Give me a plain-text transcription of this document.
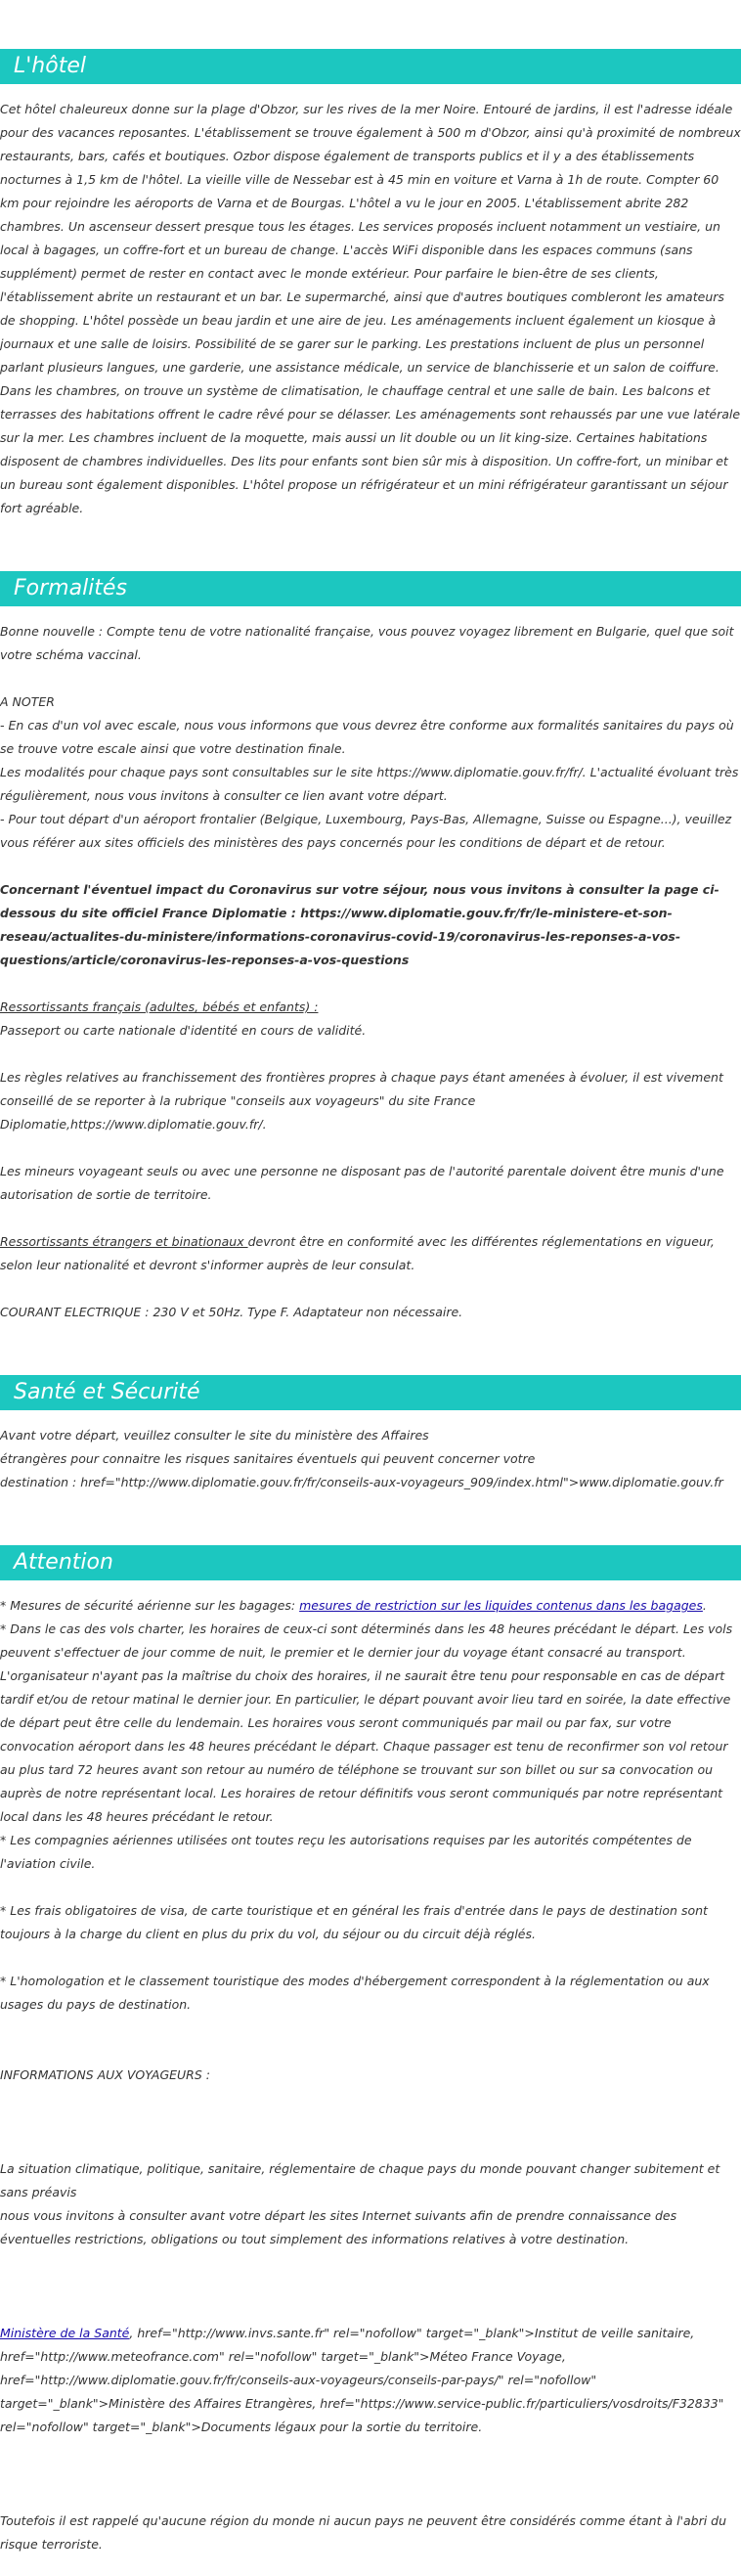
L'hôtel

Cet hôtel chaleureux donne sur la plage d'Obzor, sur les rives de la mer Noire. Entouré de jardins, il est l'adresse idéale pour des vacances reposantes. L'établissement se trouve également à 500 m d'Obzor, ainsi qu'à proximité de nombreux restaurants, bars, cafés et boutiques. Ozbor dispose également de transports publics et il y a des établissements nocturnes à 1,5 km de l'hôtel. La vieille ville de Nessebar est à 45 min en voiture et Varna à 1h de route. Compter 60 km pour rejoindre les aéroports de Varna et de Bourgas. L'hôtel a vu le jour en 2005. L'établissement abrite 282 chambres. Un ascenseur dessert presque tous les étages. Les services proposés incluent notamment un vestiaire, un local à bagages, un coffre-fort et un bureau de change. L'accès WiFi disponible dans les espaces communs (sans supplément) permet de rester en contact avec le monde extérieur. Pour parfaire le bien-être de ses clients, l'établissement abrite un restaurant et un bar. Le supermarché, ainsi que d'autres boutiques combleront les amateurs de shopping. L'hôtel possède un beau jardin et une aire de jeu. Les aménagements incluent également un kiosque à journaux et une salle de loisirs. Possibilité de se garer sur le parking. Les prestations incluent de plus un personnel parlant plusieurs langues, une garderie, une assistance médicale, un service de blanchisserie et un salon de coiffure. Dans les chambres, on trouve un système de climatisation, le chauffage central et une salle de bain. Les balcons et terrasses des habitations offrent le cadre rêvé pour se délasser. Les aménagements sont rehaussés par une vue latérale sur la mer. Les chambres incluent de la moquette, mais aussi un lit double ou un lit king-size. Certaines habitations disposent de chambres individuelles. Des lits pour enfants sont bien sûr mis à disposition. Un coffre-fort, un minibar et un bureau sont également disponibles. L'hôtel propose un réfrigérateur et un mini réfrigérateur garantissant un séjour fort agréable.

Formalités

Bonne nouvelle : Compte tenu de votre nationalité française, vous pouvez voyagez librement en Bulgarie, quel que soit votre schéma vaccinal.

A NOTER

- En cas d'un vol avec escale, nous vous informons que vous devrez être conforme aux formalités sanitaires du pays où se trouve votre escale ainsi que votre destination finale.

Les modalités pour chaque pays sont consultables sur le site https://www.diplomatie.gouv.fr/fr/. L'actualité évoluant très régulièrement, nous vous invitons à consulter ce lien avant votre départ.

- Pour tout départ d'un aéroport frontalier (Belgique, Luxembourg, Pays-Bas, Allemagne, Suisse ou Espagne...), veuillez vous référer aux sites officiels des ministères des pays concernés pour les conditions de départ et de retour.

Concernant l'éventuel impact du Coronavirus sur votre séjour, nous vous invitons à consulter la page ci-dessous du site officiel France Diplomatie : https://www.diplomatie.gouv.fr/fr/le-ministere-et-son-reseau/actualites-du-ministere/informations-coronavirus-covid-19/coronavirus-les-reponses-a-vos-questions/article/coronavirus-les-reponses-a-vos-questions

Ressortissants français (adultes, bébés et enfants) :

Passeport ou carte nationale d'identité en cours de validité.

Les règles relatives au franchissement des frontières propres à chaque pays étant amenées à évoluer, il est vivement conseillé de se reporter à la rubrique "conseils aux voyageurs" du site France Diplomatie,https://www.diplomatie.gouv.fr/.

Les mineurs voyageant seuls ou avec une personne ne disposant pas de l'autorité parentale doivent être munis d'une autorisation de sortie de territoire.

Ressortissants étrangers et binationaux devront être en conformité avec les différentes réglementations en vigueur, selon leur nationalité et devront s'informer auprès de leur consulat.

COURANT ELECTRIQUE : 230 V et 50Hz. Type F. Adaptateur non nécessaire.

Santé et Sécurité

Avant votre départ, veuillez consulter le site du ministère des Affaires

étrangères pour connaitre les risques sanitaires éventuels qui peuvent concerner votre

destination : href="http://www.diplomatie.gouv.fr/fr/conseils-aux-voyageurs_909/index.html">www.diplomatie.gouv.fr

Attention

* Mesures de sécurité aérienne sur les bagages: mesures de restriction sur les liquides contenus dans les bagages.

* Dans le cas des vols charter, les horaires de ceux-ci sont déterminés dans les 48 heures précédant le départ. Les vols peuvent s'effectuer de jour comme de nuit, le premier et le dernier jour du voyage étant consacré au transport. L'organisateur n'ayant pas la maîtrise du choix des horaires, il ne saurait être tenu pour responsable en cas de départ tardif et/ou de retour matinal le dernier jour. En particulier, le départ pouvant avoir lieu tard en soirée, la date effective de départ peut être celle du lendemain. Les horaires vous seront communiqués par mail ou par fax, sur votre convocation aéroport dans les 48 heures précédant le départ. Chaque passager est tenu de reconfirmer son vol retour au plus tard 72 heures avant son retour au numéro de téléphone se trouvant sur son billet ou sur sa convocation ou auprès de notre représentant local. Les horaires de retour définitifs vous seront communiqués par notre représentant local dans les 48 heures précédant le retour.

* Les compagnies aériennes utilisées ont toutes reçu les autorisations requises par les autorités compétentes de l'aviation civile.

* Les frais obligatoires de visa, de carte touristique et en général les frais d'entrée dans le pays de destination sont toujours à la charge du client en plus du prix du vol, du séjour ou du circuit déjà réglés.

* L'homologation et le classement touristique des modes d'hébergement correspondent à la réglementation ou aux usages du pays de destination.

INFORMATIONS AUX VOYAGEURS :

La situation climatique, politique, sanitaire, réglementaire de chaque pays du monde pouvant changer subitement et sans préavis

nous vous invitons à consulter avant votre départ les sites Internet suivants afin de prendre connaissance des éventuelles restrictions, obligations ou tout simplement des informations relatives à votre destination.

Ministère de la Santé, href="http://www.invs.sante.fr" rel="nofollow" target="_blank">Institut de veille sanitaire, href="http://www.meteofrance.com" rel="nofollow" target="_blank">Méteo France Voyage, href="http://www.diplomatie.gouv.fr/fr/conseils-aux-voyageurs/conseils-par-pays/" rel="nofollow" target="_blank">Ministère des Affaires Etrangères, href="https://www.service-public.fr/particuliers/vosdroits/F32833" rel="nofollow" target="_blank">Documents légaux pour la sortie du territoire.

Toutefois il est rappelé qu'aucune région du monde ni aucun pays ne peuvent être considérés comme étant à l'abri du risque terroriste.
